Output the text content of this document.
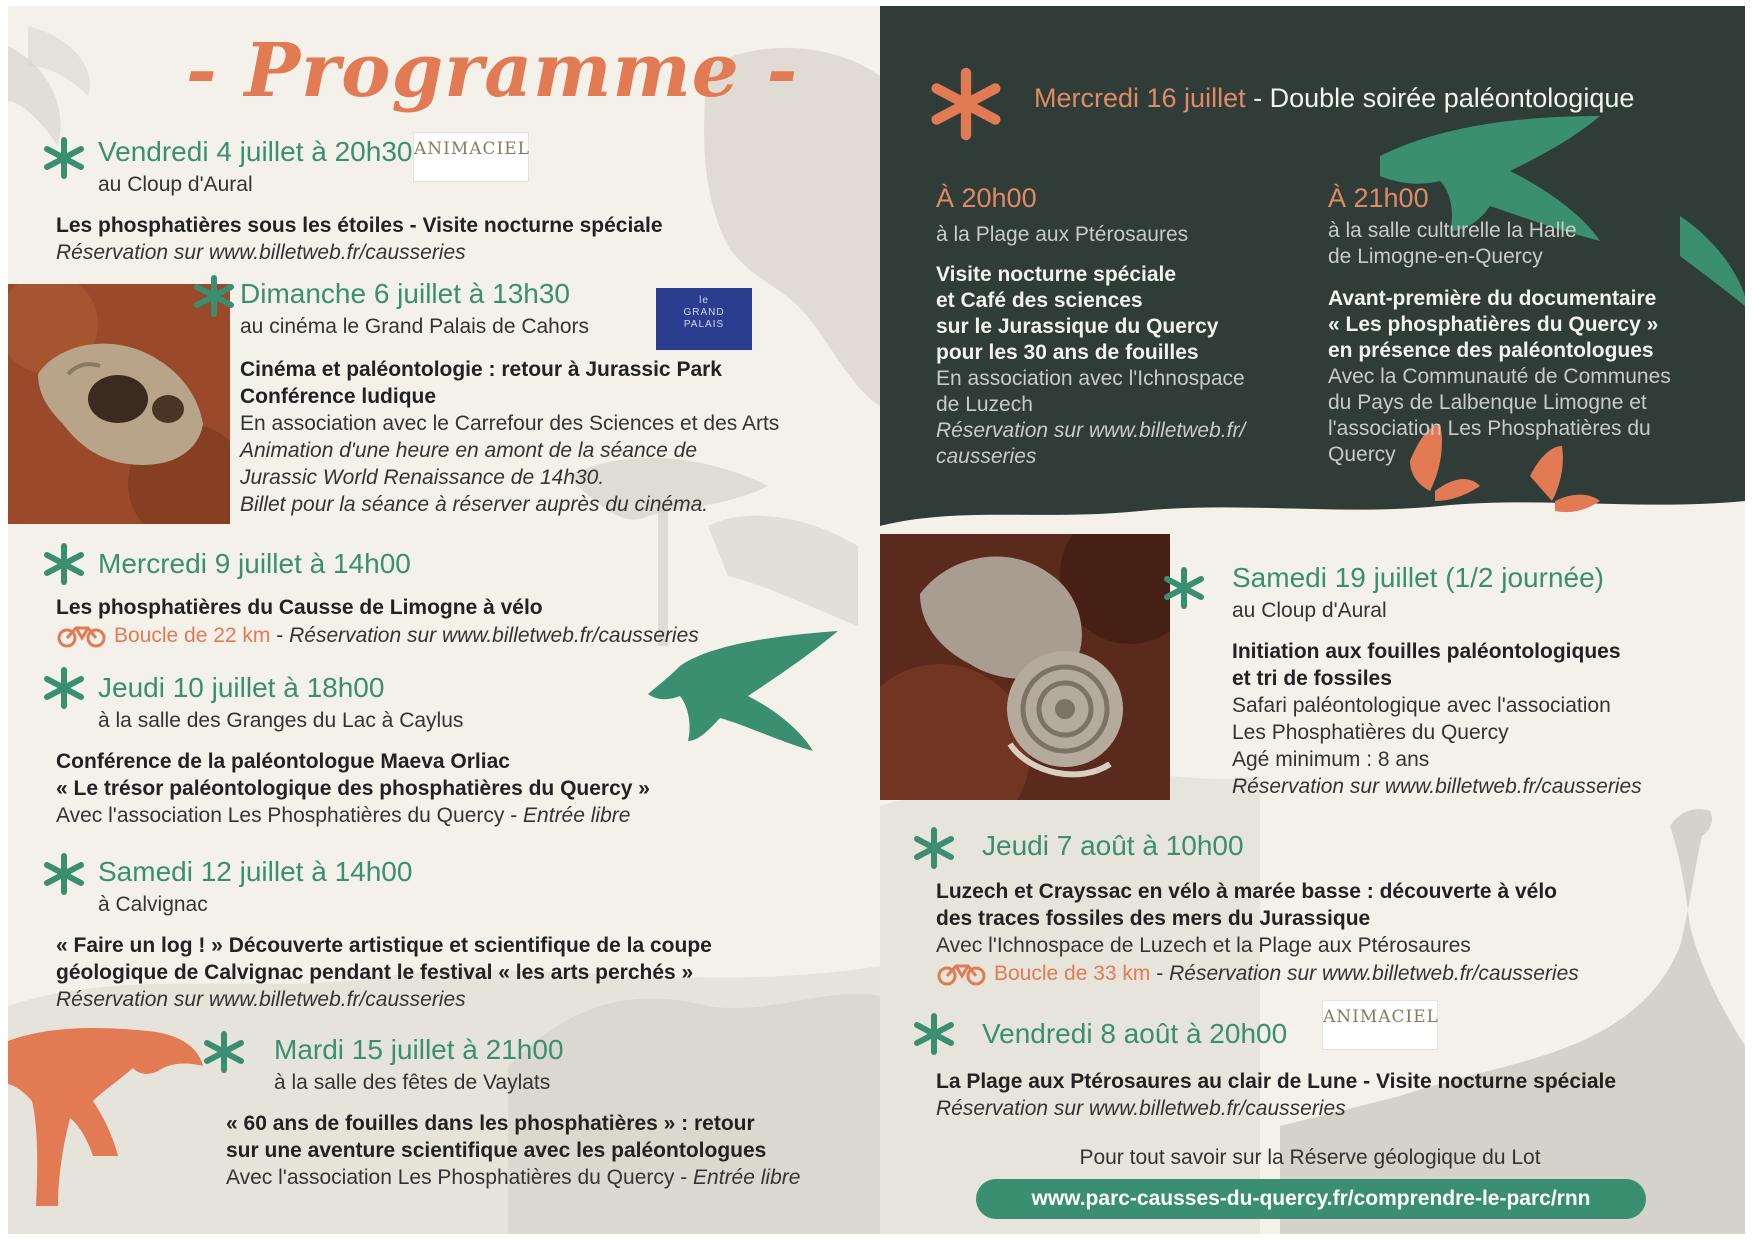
- Programme -
Vendredi 4 juillet à 20h30
au Cloup d'Aural
ANIMACIEL
Les phosphatières sous les étoiles - Visite nocturne spéciale
Réservation sur www.billetweb.fr/causseries
Dimanche 6 juillet à 13h30
au cinéma le Grand Palais de Cahors
le
GRAND
PALAIS
Cinéma et paléontologie : retour à Jurassic Park
Conférence ludique
En association avec le Carrefour des Sciences et des Arts
Animation d'une heure en amont de la séance de
Jurassic World Renaissance de 14h30.
Billet pour la séance à réserver auprès du cinéma.
Mercredi 9 juillet à 14h00
Les phosphatières du Causse de Limogne à vélo
Boucle de 22 km - Réservation sur www.billetweb.fr/causseries
Jeudi 10 juillet à 18h00
à la salle des Granges du Lac à Caylus
Conférence de la paléontologue Maeva Orliac
« Le trésor paléontologique des phosphatières du Quercy »
Avec l'association Les Phosphatières du Quercy - Entrée libre
Samedi 12 juillet à 14h00
à Calvignac
« Faire un log ! » Découverte artistique et scientifique de la coupe
géologique de Calvignac pendant le festival « les arts perchés »
Réservation sur www.billetweb.fr/causseries
Mardi 15 juillet à 21h00
à la salle des fêtes de Vaylats
« 60 ans de fouilles dans les phosphatières » : retour
sur une aventure scientifique avec les paléontologues
Avec l'association Les Phosphatières du Quercy - Entrée libre
Mercredi 16 juillet - Double soirée paléontologique
À 20h00
à la Plage aux Ptérosaures
Visite nocturne spéciale
et Café des sciences
sur le Jurassique du Quercy
pour les 30 ans de fouilles
En association avec l'Ichnospace
de Luzech
Réservation sur www.billetweb.fr/
causseries
À 21h00
à la salle culturelle la Halle
de Limogne-en-Quercy
Avant-première du documentaire
« Les phosphatières du Quercy »
en présence des paléontologues
Avec la Communauté de Communes
du Pays de Lalbenque Limogne et
l'association Les Phosphatières du
Quercy
Samedi 19 juillet (1/2 journée)
au Cloup d'Aural
Initiation aux fouilles paléontologiques
et tri de fossiles
Safari paléontologique avec l'association
Les Phosphatières du Quercy
Agé minimum : 8 ans
Réservation sur www.billetweb.fr/causseries
Jeudi 7 août à 10h00
Luzech et Crayssac en vélo à marée basse : découverte à vélo
des traces fossiles des mers du Jurassique
Avec l'Ichnospace de Luzech et la Plage aux Ptérosaures
Boucle de 33 km - Réservation sur www.billetweb.fr/causseries
Vendredi 8 août à 20h00
ANIMACIEL
La Plage aux Ptérosaures au clair de Lune - Visite nocturne spéciale
Réservation sur www.billetweb.fr/causseries
Pour tout savoir sur la Réserve géologique du Lot
www.parc-causses-du-quercy.fr/comprendre-le-parc/rnn
